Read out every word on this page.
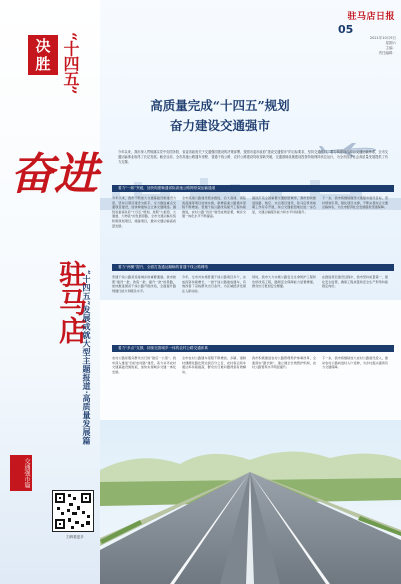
驻马店日报
05
2021年10月9日
星期六
主编：
责任编辑：
决胜 “十四五”
奋进
驻马店
“十四五”发展成就大型主题报道·高质量发展篇
交通强市篇
扫码看更多
高质量完成“十四五”规划
奋力建设交通强市
今年以来，我市深入贯彻落实党中央国务院、省委省政府关于交通强国建设的决策部署，按照市委市政府“建设交通强市”的目标要求，坚持交通先行，着力构建现代综合交通运输体系，全市交通运输事业取得了长足发展。截至目前，全市高速公路通车里程、普通干线公路、农村公路建设均取得新突破，交通基础设施建设投资持续保持高位运行，为全市经济社会高质量发展提供了有力支撑。
着力“一纵”突破，加快构建畅通省际高速公路网骨架运输通道
今年以来，我市不断加大交通基础设施建设力度，坚持以项目建设为抓手，全力推进重点交通项目建设，加快构建综合立体交通网络。围绕省委省政府“十四五”规划，按照“大枢纽、大通道、大物流”的发展思路，全市交通运输系统积极谋划项目，储备项目，推动交通运输高质量发展。
全市高速公路建设稳步推进，沿大高速、周驻南高速等项目加快实施，新增高速公路通车里程不断增加。普通干线公路改造提升工程持续推进，农村公路“四好”建设成效显著，城乡交通一体化水平不断提高。
围绕打造全国重要交通枢纽城市，我市加快推进铁路、航空、水运项目建设，驻马店机场前期工作有序开展，综合交通枢纽地位进一步凸显，交通运输服务能力和水平持续提升。
下一步，我市将继续围绕交通强市建设目标，坚持规划引领，强化项目支撑，不断完善综合交通运输体系，为全市经济社会发展提供坚强保障。
着力“两横”提升，全面打造通达顺畅的普通干线公路网络
普通干线公路是连接城乡的重要通道。我市按照“建设一批、改造一批、提升一批”的思路，加快推进国省干线公路升级改造，全面提升路网通行能力和服务水平。
今年，全市共实施普通干线公路项目多个，完成投资持续增长，一批干线公路建成通车，有效改善了沿线群众出行条件，为区域经济发展注入新动能。
同时，我市大力实施公路安全生命防护工程和危桥改造工程，路网安全保障能力显著增强，群众出行更加安全便捷。
在推进项目建设过程中，我市坚持质量第一，强化安全监管，确保工程质量和安全生产形势持续稳定向好。
着力“多点”支撑，持续完善城乡一体的农村公路交通体系
农村公路是服务群众出行的“最后一公里”。我市深入推进“四好农村路”建设，着力补齐农村交通基础设施短板，加快实现城乡交通一体化发展。
全市农村公路通车里程不断增加，乡镇、建制村通硬化路比例达到百分之百，农村客运班车通达率持续提高，群众出行难问题得到有效解决。
我市积极推进农村公路管理养护体制改革，全面落实“路长制”，建立健全长效管护机制，农村公路管养水平明显提升。
下一步，我市将继续加大农村公路建设投入，推动农村公路向进村入户延伸，为乡村振兴提供有力交通保障。
